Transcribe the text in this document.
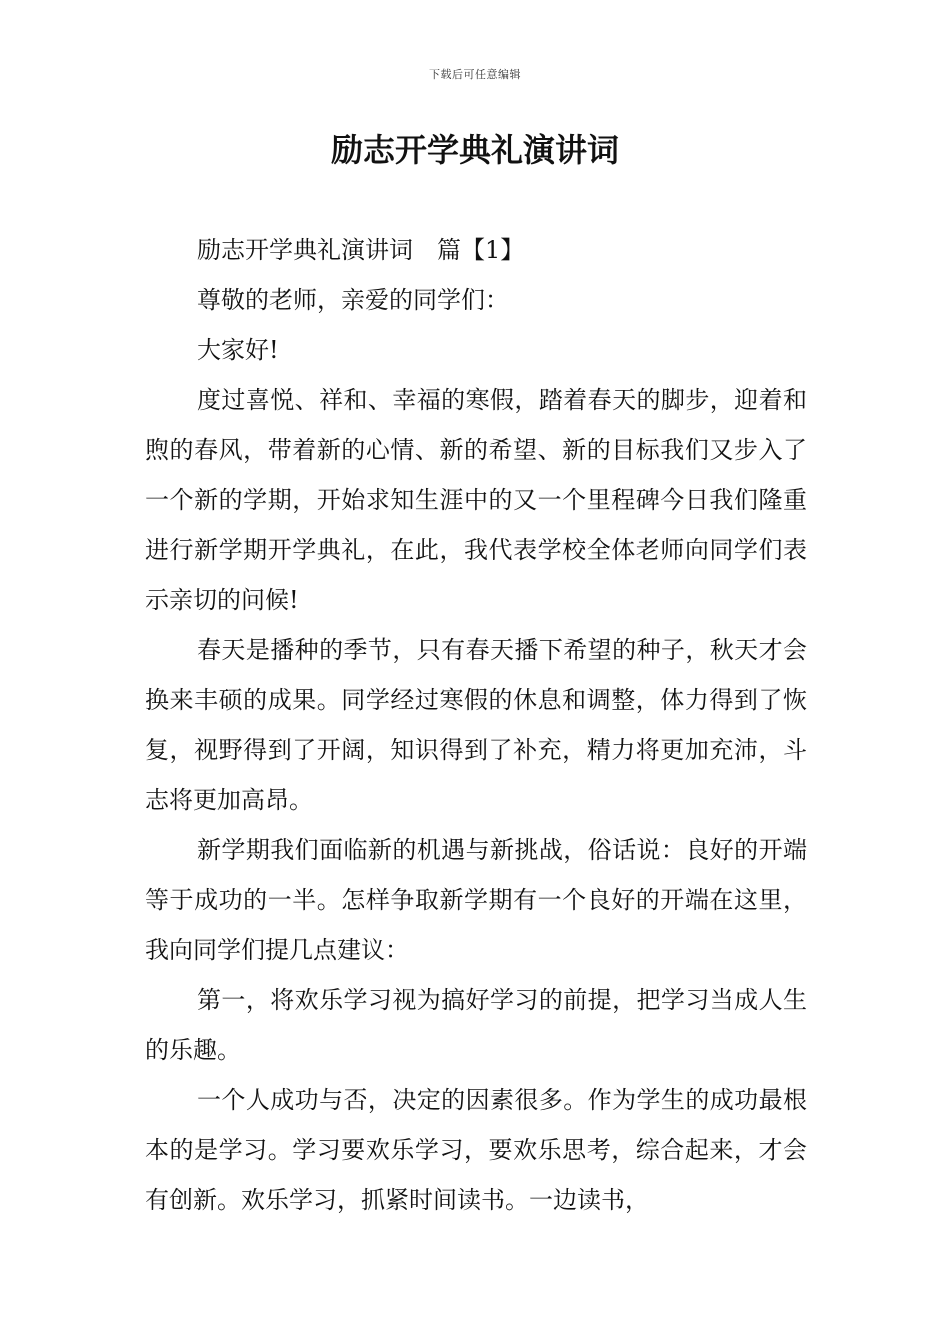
下载后可任意编辑
励志开学典礼演讲词

励志开学典礼演讲词　篇【1】

尊敬的老师，亲爱的同学们：

大家好!

度过喜悦、祥和、幸福的寒假，踏着春天的脚步，迎着和煦的春风，带着新的心情、新的希望、新的目标我们又步入了一个新的学期，开始求知生涯中的又一个里程碑今日我们隆重进行新学期开学典礼，在此，我代表学校全体老师向同学们表示亲切的问候!

春天是播种的季节，只有春天播下希望的种子，秋天才会换来丰硕的成果。同学经过寒假的休息和调整，体力得到了恢复，视野得到了开阔，知识得到了补充，精力将更加充沛，斗志将更加高昂。

新学期我们面临新的机遇与新挑战，俗话说：良好的开端等于成功的一半。怎样争取新学期有一个良好的开端在这里，我向同学们提几点建议：

第一，将欢乐学习视为搞好学习的前提，把学习当成人生的乐趣。

一个人成功与否，决定的因素很多。作为学生的成功最根本的是学习。学习要欢乐学习，要欢乐思考，综合起来，才会有创新。欢乐学习，抓紧时间读书。一边读书，
